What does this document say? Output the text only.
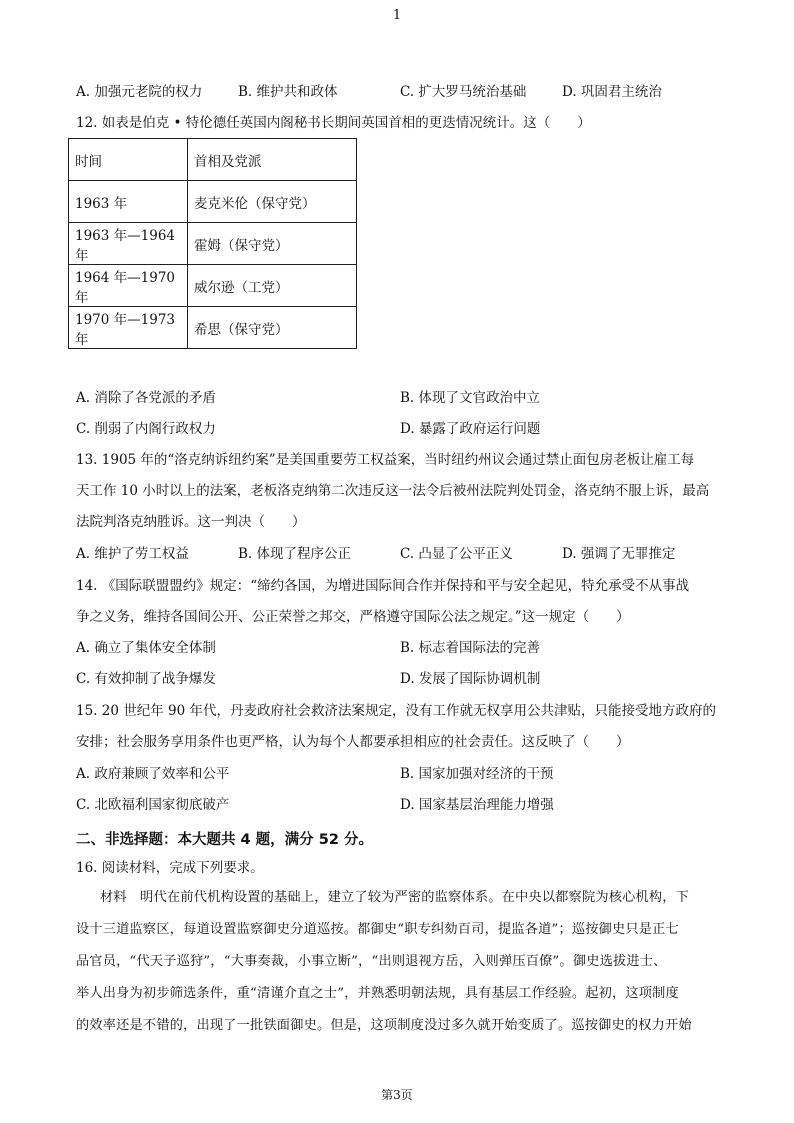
1
A. 加强元老院的权力	B. 维护共和政体	C. 扩大罗马统治基础	D. 巩固君主统治
12. 如表是伯克 • 特伦德任英国内阁秘书长期间英国首相的更迭情况统计。这（　　）
时间	首相及党派
1963 年	麦克米伦（保守党）
1963 年—1964 年	霍姆（保守党）
1964 年—1970 年	威尔逊（工党）
1970 年—1973 年	希思（保守党）
A. 消除了各党派的矛盾	B. 体现了文官政治中立
C. 削弱了内阁行政权力	D. 暴露了政府运行问题
13. 1905 年的“洛克纳诉纽约案”是美国重要劳工权益案，当时纽约州议会通过禁止面包房老板让雇工每
天工作 10 小时以上的法案，老板洛克纳第二次违反这一法令后被州法院判处罚金，洛克纳不服上诉，最高
法院判洛克纳胜诉。这一判决（　　）
A. 维护了劳工权益	B. 体现了程序公正	C. 凸显了公平正义	D. 强调了无罪推定
14. 《国际联盟盟约》规定：“缔约各国，为增进国际间合作并保持和平与安全起见，特允承受不从事战
争之义务，维持各国间公开、公正荣誉之邦交，严格遵守国际公法之规定。”这一规定（　　）
A. 确立了集体安全体制	B. 标志着国际法的完善
C. 有效抑制了战争爆发	D. 发展了国际协调机制
15. 20 世纪年 90 年代，丹麦政府社会救济法案规定，没有工作就无权享用公共津贴，只能接受地方政府的
安排；社会服务享用条件也更严格，认为每个人都要承担相应的社会责任。这反映了（　　）
A. 政府兼顾了效率和公平	B. 国家加强对经济的干预
C. 北欧福利国家彻底破产	D. 国家基层治理能力增强
二、非选择题：本大题共 4 题，满分 52 分。
16. 阅读材料，完成下列要求。
材料　明代在前代机构设置的基础上，建立了较为严密的监察体系。在中央以都察院为核心机构，下
设十三道监察区，每道设置监察御史分道巡按。都御史“职专纠劾百司，提监各道”；巡按御史只是正七
品官员，“代天子巡狩”，“大事奏裁，小事立断”，“出则退视方岳，入则弹压百僚”。御史选拔进士、
举人出身为初步筛选条件，重“清谨介直之士”，并熟悉明朝法规，具有基层工作经验。起初，这项制度
的效率还是不错的，出现了一批铁面御史。但是，这项制度没过多久就开始变质了。巡按御史的权力开始
第3页
